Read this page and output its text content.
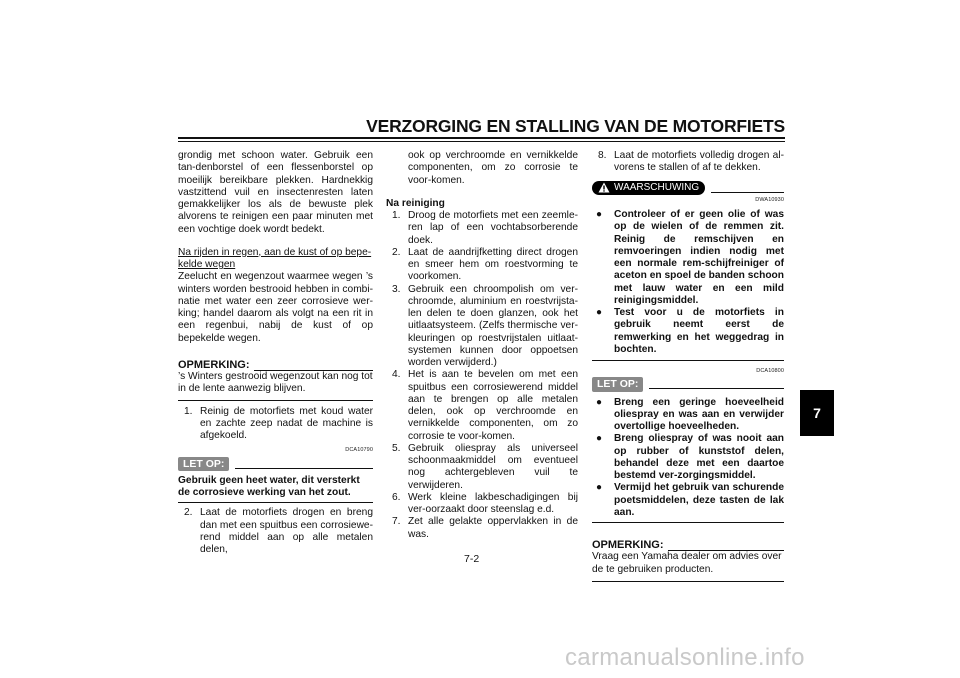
VERZORGING EN STALLING VAN DE MOTORFIETS
7

grondig met schoon water. Gebruik een tan-denborstel of een flessenborstel op moeilijk bereikbare plekken. Hardnekkig vastzittend vuil en insectenresten laten gemakkelijker los als de bewuste plek alvorens te reinigen een paar minuten met een vochtige doek wordt bedekt.

Na rijden in regen, aan de kust of op bepe-kelde wegen

Zeelucht en wegenzout waarmee wegen ’s winters worden bestrooid hebben in combi-natie met water een zeer corrosieve wer-king; handel daarom als volgt na een rit in een regenbui, nabij de kust of op bepekelde wegen.

OPMERKING:

’s Winters gestrooid wegenzout kan nog tot in de lente aanwezig blijven.

1. Reinig de motorfiets met koud water en zachte zeep nadat de machine is afgekoeld.
DCA10790
LET OP:

Gebruik geen heet water, dit versterkt de corrosieve werking van het zout.

2. Laat de motorfiets drogen en breng dan met een spuitbus een corrosiewe-rend middel aan op alle metalen delen,

ook op verchroomde en vernikkelde componenten, om zo corrosie te voor-komen.

Na reiniging

1. Droog de motorfiets met een zeemle-ren lap of een vochtabsorberende doek.
2. Laat de aandrijfketting direct drogen en smeer hem om roestvorming te voorkomen.
3. Gebruik een chroompolish om ver-chroomde, aluminium en roestvrijsta-len delen te doen glanzen, ook het uitlaatsysteem. (Zelfs thermische ver-kleuringen op roestvrijstalen uitlaat-systemen kunnen door oppoetsen worden verwijderd.)
4. Het is aan te bevelen om met een spuitbus een corrosiewerend middel aan te brengen op alle metalen delen, ook op verchroomde en vernikkelde componenten, om zo corrosie te voor-komen.
5. Gebruik oliespray als universeel schoonmaakmiddel om eventueel nog achtergebleven vuil te verwijderen.
6. Werk kleine lakbeschadigingen bij ver-oorzaakt door steenslag e.d.
7. Zet alle gelakte oppervlakken in de was.
8. Laat de motorfiets volledig drogen al-vorens te stallen of af te dekken.
WAARSCHUWING
DWA10930
● Controleer of er geen olie of was op de wielen of de remmen zit. Reinig de remschijven en remvoeringen indien nodig met een normale rem-schijfreiniger of aceton en spoel de banden schoon met lauw water en een mild reinigingsmiddel.
● Test voor u de motorfiets in gebruik neemt eerst de remwerking en het weggedrag in bochten.
DCA10800
LET OP:
● Breng een geringe hoeveelheid oliespray en was aan en verwijder overtollige hoeveelheden.
● Breng oliespray of was nooit aan op rubber of kunststof delen, behandel deze met een daartoe bestemd ver-zorgingsmiddel.
● Vermijd het gebruik van schurende poetsmiddelen, deze tasten de lak aan.
OPMERKING:

Vraag een Yamaha dealer om advies over de te gebruiken producten.

7-2
carmanualsonline.info
